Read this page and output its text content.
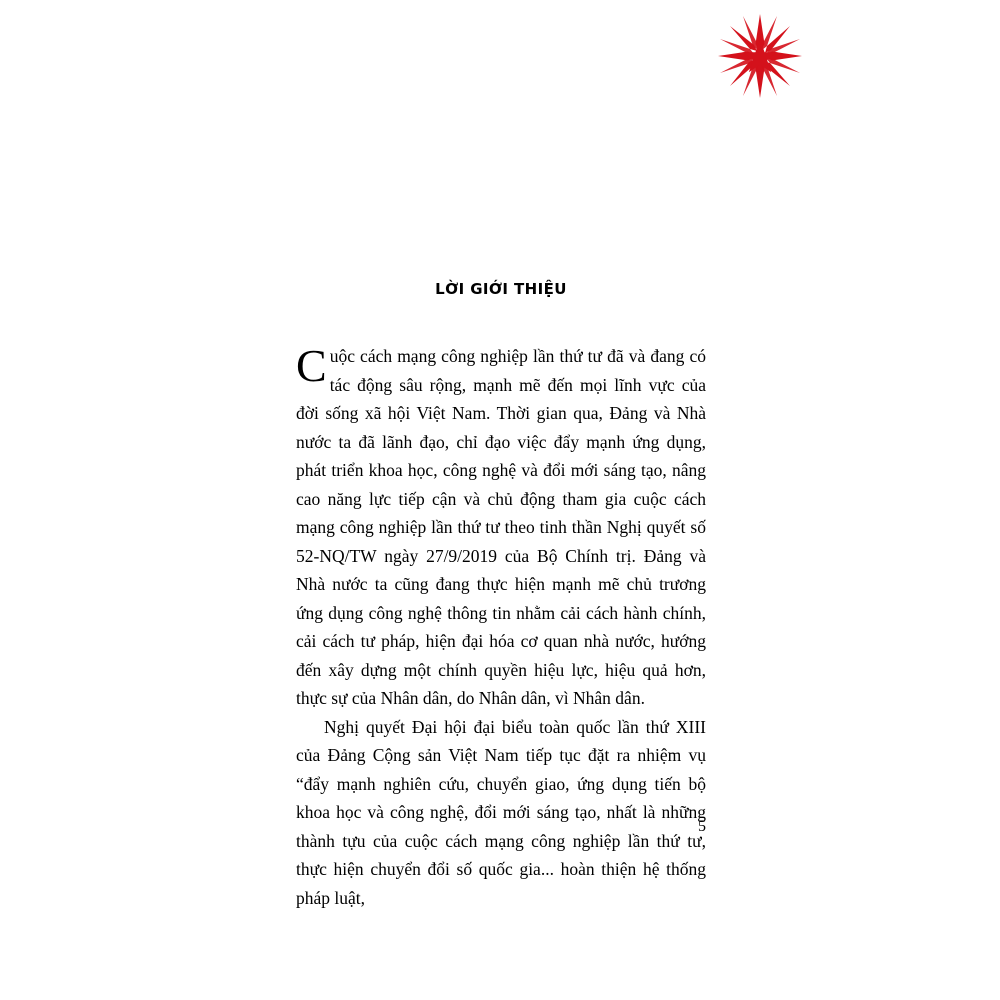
LỜI GIỚI THIỆU

Cuộc cách mạng công nghiệp lần thứ tư đã và đang có tác động sâu rộng, mạnh mẽ đến mọi lĩnh vực của đời sống xã hội Việt Nam. Thời gian qua, Đảng và Nhà nước ta đã lãnh đạo, chỉ đạo việc đẩy mạnh ứng dụng, phát triển khoa học, công nghệ và đổi mới sáng tạo, nâng cao năng lực tiếp cận và chủ động tham gia cuộc cách mạng công nghiệp lần thứ tư theo tinh thần Nghị quyết số 52-NQ/TW ngày 27/9/2019 của Bộ Chính trị. Đảng và Nhà nước ta cũng đang thực hiện mạnh mẽ chủ trương ứng dụng công nghệ thông tin nhằm cải cách hành chính, cải cách tư pháp, hiện đại hóa cơ quan nhà nước, hướng đến xây dựng một chính quyền hiệu lực, hiệu quả hơn, thực sự của Nhân dân, do Nhân dân, vì Nhân dân.

Nghị quyết Đại hội đại biểu toàn quốc lần thứ XIII của Đảng Cộng sản Việt Nam tiếp tục đặt ra nhiệm vụ “đẩy mạnh nghiên cứu, chuyển giao, ứng dụng tiến bộ khoa học và công nghệ, đổi mới sáng tạo, nhất là những thành tựu của cuộc cách mạng công nghiệp lần thứ tư, thực hiện chuyển đổi số quốc gia... hoàn thiện hệ thống pháp luật,

5
